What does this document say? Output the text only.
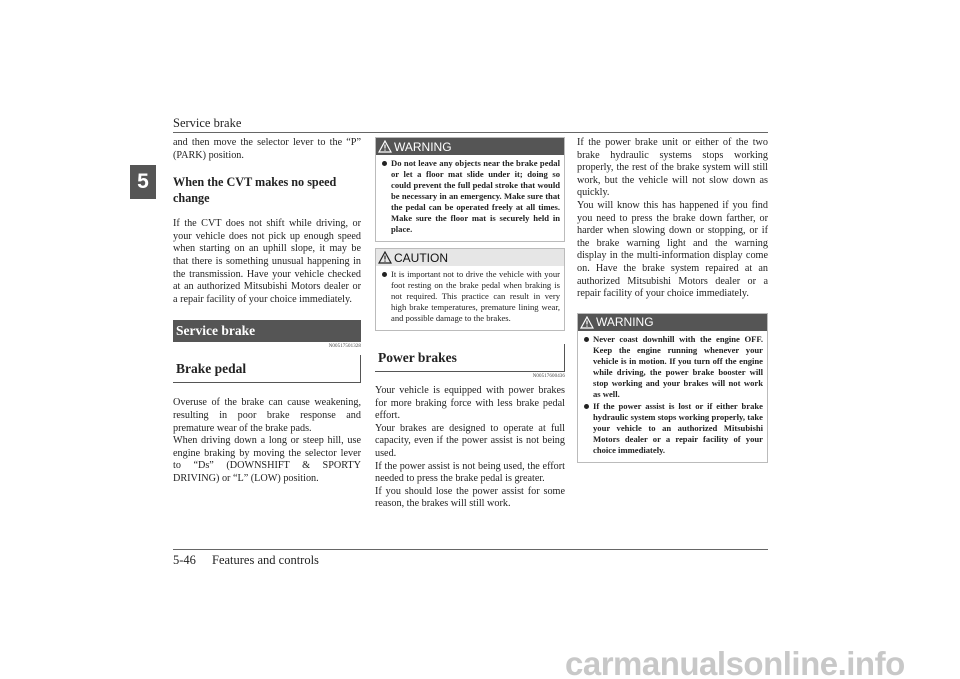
Service brake
5

and then move the selector lever to the “P” (PARK) position.

When the CVT makes no speed change

If the CVT does not shift while driving, or your vehicle does not pick up enough speed when starting on an uphill slope, it may be that there is something unusual happening in the transmission. Have your vehicle checked at an authorized Mitsubishi Motors dealer or a repair facility of your choice immediately.

Service brake
N00517501328
Brake pedal

Overuse of the brake can cause weakening, resulting in poor brake response and premature wear of the brake pads.

When driving down a long or steep hill, use engine braking by moving the selector lever to “Ds” (DOWNSHIFT & SPORTY DRIVING) or “L” (LOW) position.

WARNING
Do not leave any objects near the brake pedal or let a floor mat slide under it; doing so could prevent the full pedal stroke that would be necessary in an emergency. Make sure that the pedal can be operated freely at all times. Make sure the floor mat is securely held in place.
CAUTION
It is important not to drive the vehicle with your foot resting on the brake pedal when braking is not required. This practice can result in very high brake temperatures, premature lining wear, and possible damage to the brakes.
Power brakes
N00517600436

Your vehicle is equipped with power brakes for more braking force with less brake pedal effort.

Your brakes are designed to operate at full capacity, even if the power assist is not being used.

If the power assist is not being used, the effort needed to press the brake pedal is greater.

If you should lose the power assist for some reason, the brakes will still work.

If the power brake unit or either of the two brake hydraulic systems stops working properly, the rest of the brake system will still work, but the vehicle will not slow down as quickly.

You will know this has happened if you find you need to press the brake down farther, or harder when slowing down or stopping, or if the brake warning light and the warning display in the multi-information display come on. Have the brake system repaired at an authorized Mitsubishi Motors dealer or a repair facility of your choice immediately.

WARNING
Never coast downhill with the engine OFF. Keep the engine running whenever your vehicle is in motion. If you turn off the engine while driving, the power brake booster will stop working and your brakes will not work as well.
If the power assist is lost or if either brake hydraulic system stops working properly, take your vehicle to an authorized Mitsubishi Motors dealer or a repair facility of your choice immediately.
5-46 Features and controls
carmanualsonline.info
